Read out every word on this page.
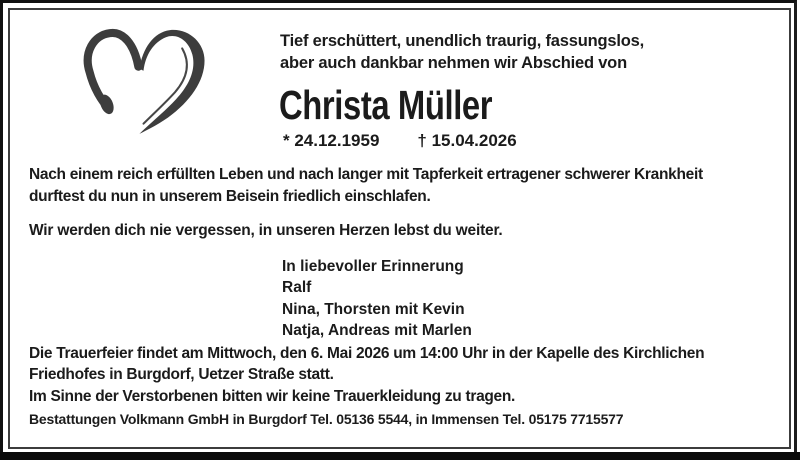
Tief erschüttert, unendlich traurig, fassungslos,
aber auch dankbar nehmen wir Abschied von
Christa Müller
* 24.12.1959 † 15.04.2026
Nach einem reich erfüllten Leben und nach langer mit Tapferkeit ertragener schwerer Krankheit
durftest du nun in unserem Beisein friedlich einschlafen.
Wir werden dich nie vergessen, in unseren Herzen lebst du weiter.
In liebevoller Erinnerung
Ralf
Nina, Thorsten mit Kevin
Natja, Andreas mit Marlen
Die Trauerfeier findet am Mittwoch, den 6. Mai 2026 um 14:00 Uhr in der Kapelle des Kirchlichen
Friedhofes in Burgdorf, Uetzer Straße statt.
Im Sinne der Verstorbenen bitten wir keine Trauerkleidung zu tragen.
Bestattungen Volkmann GmbH in Burgdorf Tel. 05136 5544, in Immensen Tel. 05175 7715577
